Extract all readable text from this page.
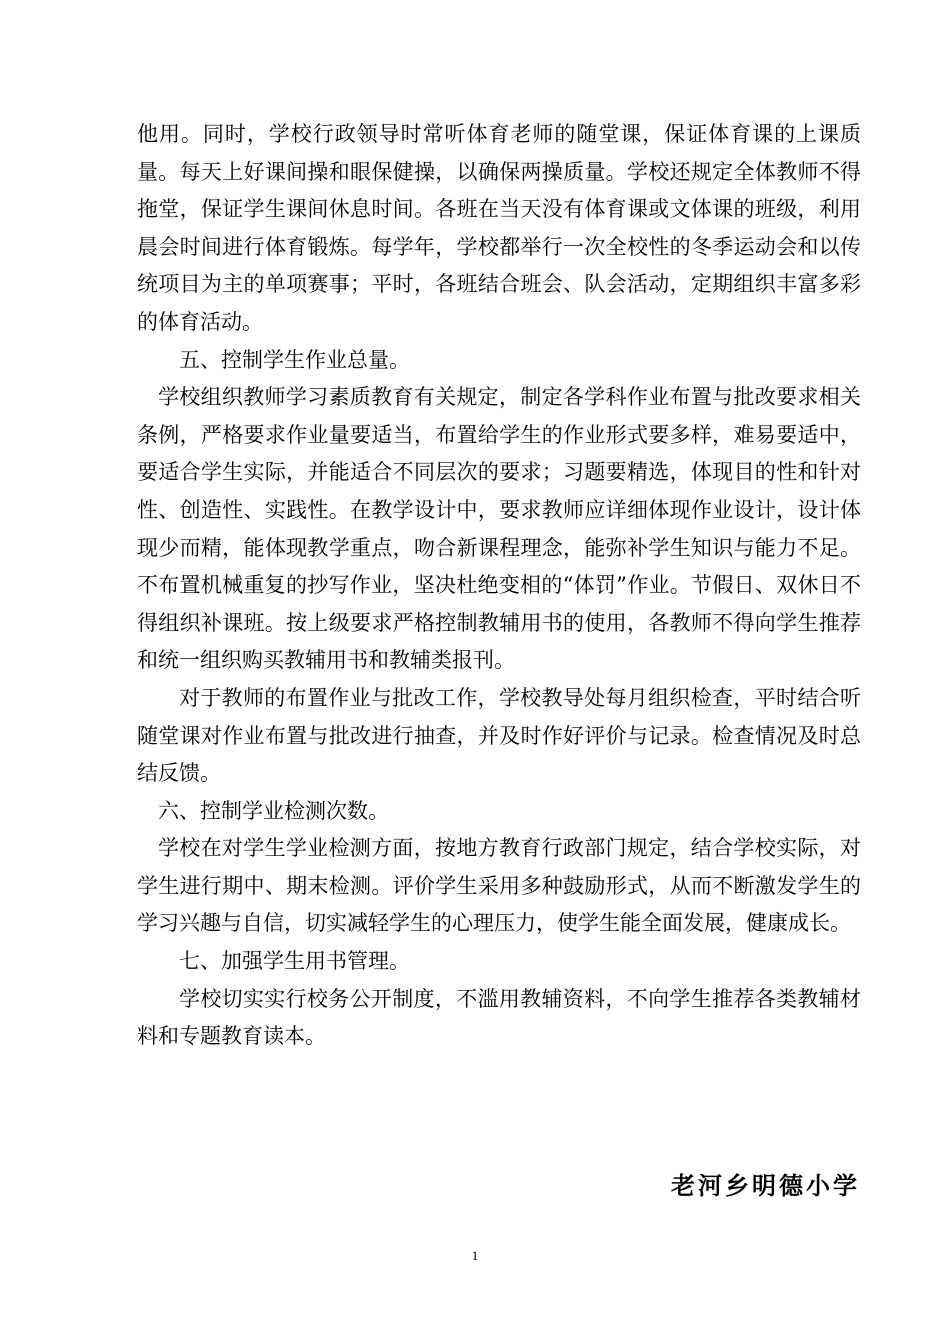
他用。同时，学校行政领导时常听体育老师的随堂课，保证体育课的上课质量。每天上好课间操和眼保健操，以确保两操质量。学校还规定全体教师不得拖堂，保证学生课间休息时间。各班在当天没有体育课或文体课的班级，利用晨会时间进行体育锻炼。每学年，学校都举行一次全校性的冬季运动会和以传统项目为主的单项赛事；平时，各班结合班会、队会活动，定期组织丰富多彩的体育活动。

五、控制学生作业总量。

学校组织教师学习素质教育有关规定，制定各学科作业布置与批改要求相关条例，严格要求作业量要适当，布置给学生的作业形式要多样，难易要适中，要适合学生实际，并能适合不同层次的要求；习题要精选，体现目的性和针对性、创造性、实践性。在教学设计中，要求教师应详细体现作业设计，设计体现少而精，能体现教学重点，吻合新课程理念，能弥补学生知识与能力不足。不布置机械重复的抄写作业，坚决杜绝变相的“体罚”作业。节假日、双休日不得组织补课班。按上级要求严格控制教辅用书的使用，各教师不得向学生推荐和统一组织购买教辅用书和教辅类报刊。

对于教师的布置作业与批改工作，学校教导处每月组织检查，平时结合听随堂课对作业布置与批改进行抽查，并及时作好评价与记录。检查情况及时总结反馈。

六、控制学业检测次数。

学校在对学生学业检测方面，按地方教育行政部门规定，结合学校实际，对学生进行期中、期末检测。评价学生采用多种鼓励形式，从而不断激发学生的学习兴趣与自信，切实减轻学生的心理压力，使学生能全面发展，健康成长。

七、加强学生用书管理。

学校切实实行校务公开制度，不滥用教辅资料，不向学生推荐各类教辅材料和专题教育读本。

老河乡明德小学
1
